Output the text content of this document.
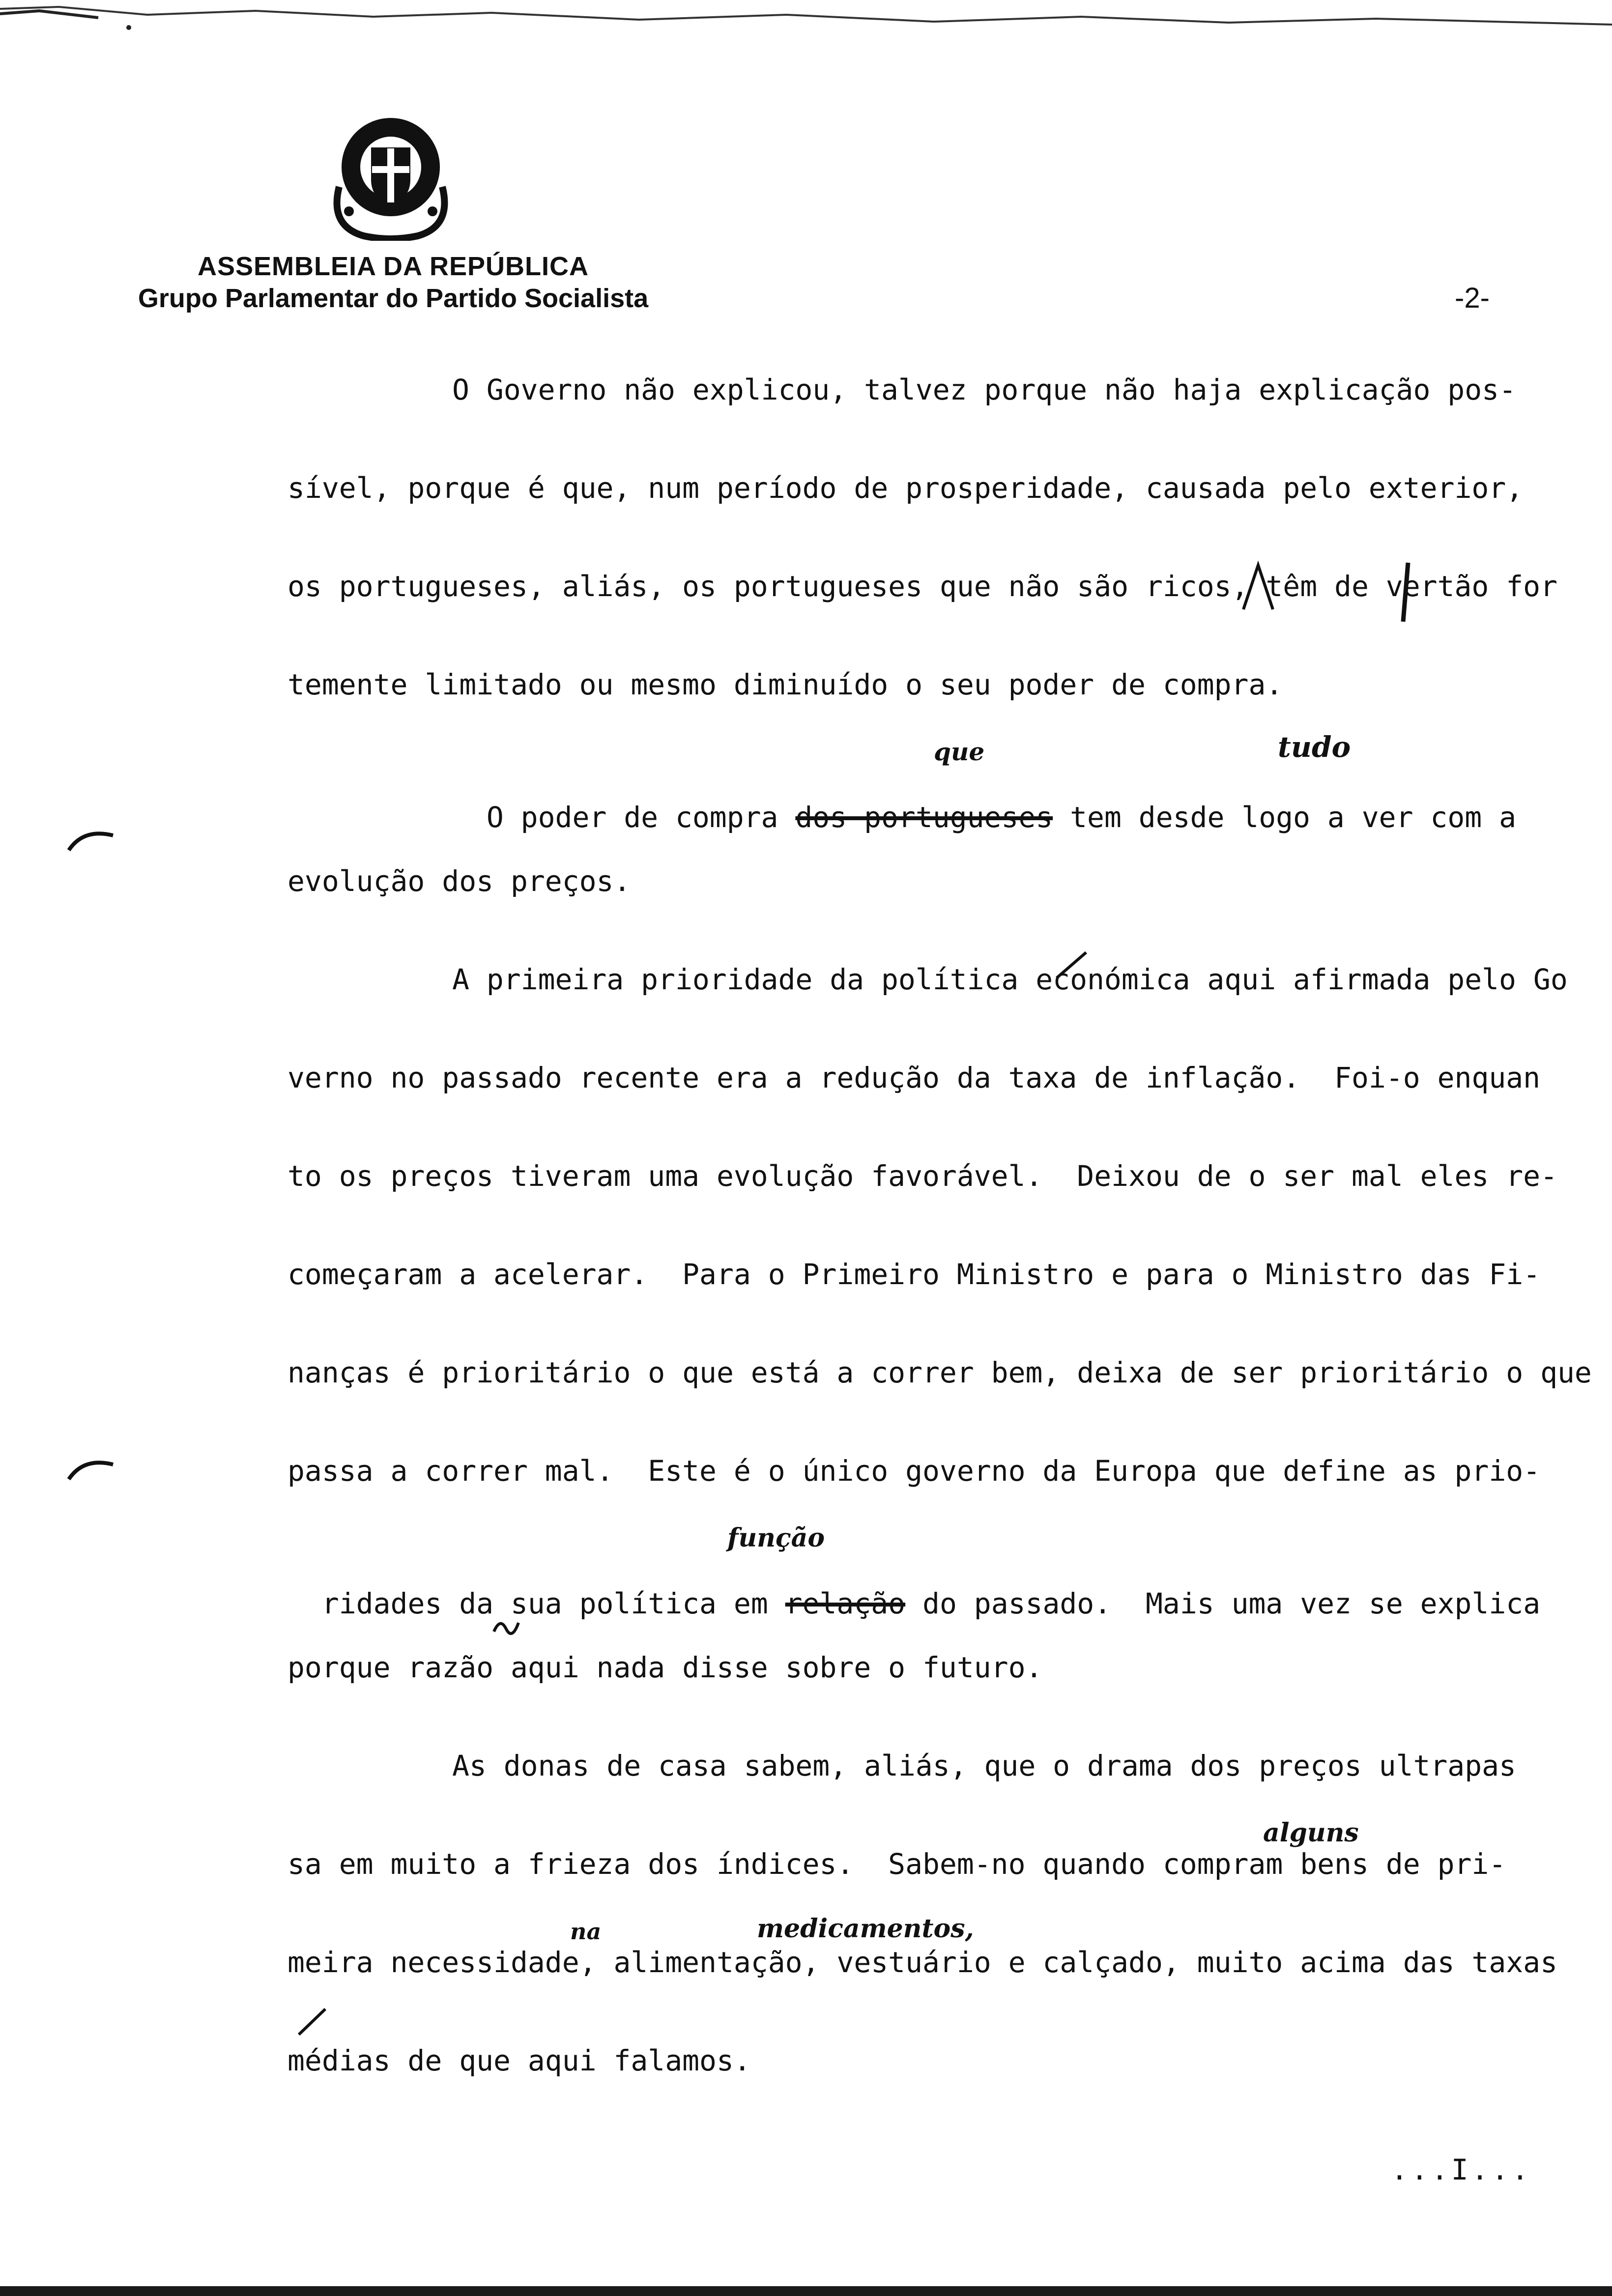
ASSEMBLEIA DA REPÚBLICA
Grupo Parlamentar do Partido Socialista	-2-
O Governo não explicou, talvez porque não haja explicação pos-
sível, porque é que, num período de prosperidade, causada pelo exterior,
os portugueses, aliás, os portugueses que não são ricos, têm de vertão for
temente limitado ou mesmo diminuído o seu poder de compra.

O poder de compra dos portugueses tem desde logo a ver com a

evolução dos preços.
A primeira prioridade da política económica aqui afirmada pelo Go
verno no passado recente era a redução da taxa de inflação.  Foi-o enquan
to os preços tiveram uma evolução favorável.  Deixou de o ser mal eles re-
começaram a acelerar.  Para o Primeiro Ministro e para o Ministro das Fi-
nanças é prioritário o que está a correr bem, deixa de ser prioritário o que
passa a correr mal.  Este é o único governo da Europa que define as prio-

ridades da sua política em relação do passado.  Mais uma vez se explica

porque razão aqui nada disse sobre o futuro.
As donas de casa sabem, aliás, que o drama dos preços ultrapas
sa em muito a frieza dos índices.  Sabem-no quando compram bens de pri-
meira necessidade, alimentação, vestuário e calçado, muito acima das taxas
médias de que aqui falamos.
que	tudo
função
alguns
na	medicamentos,
...I...
